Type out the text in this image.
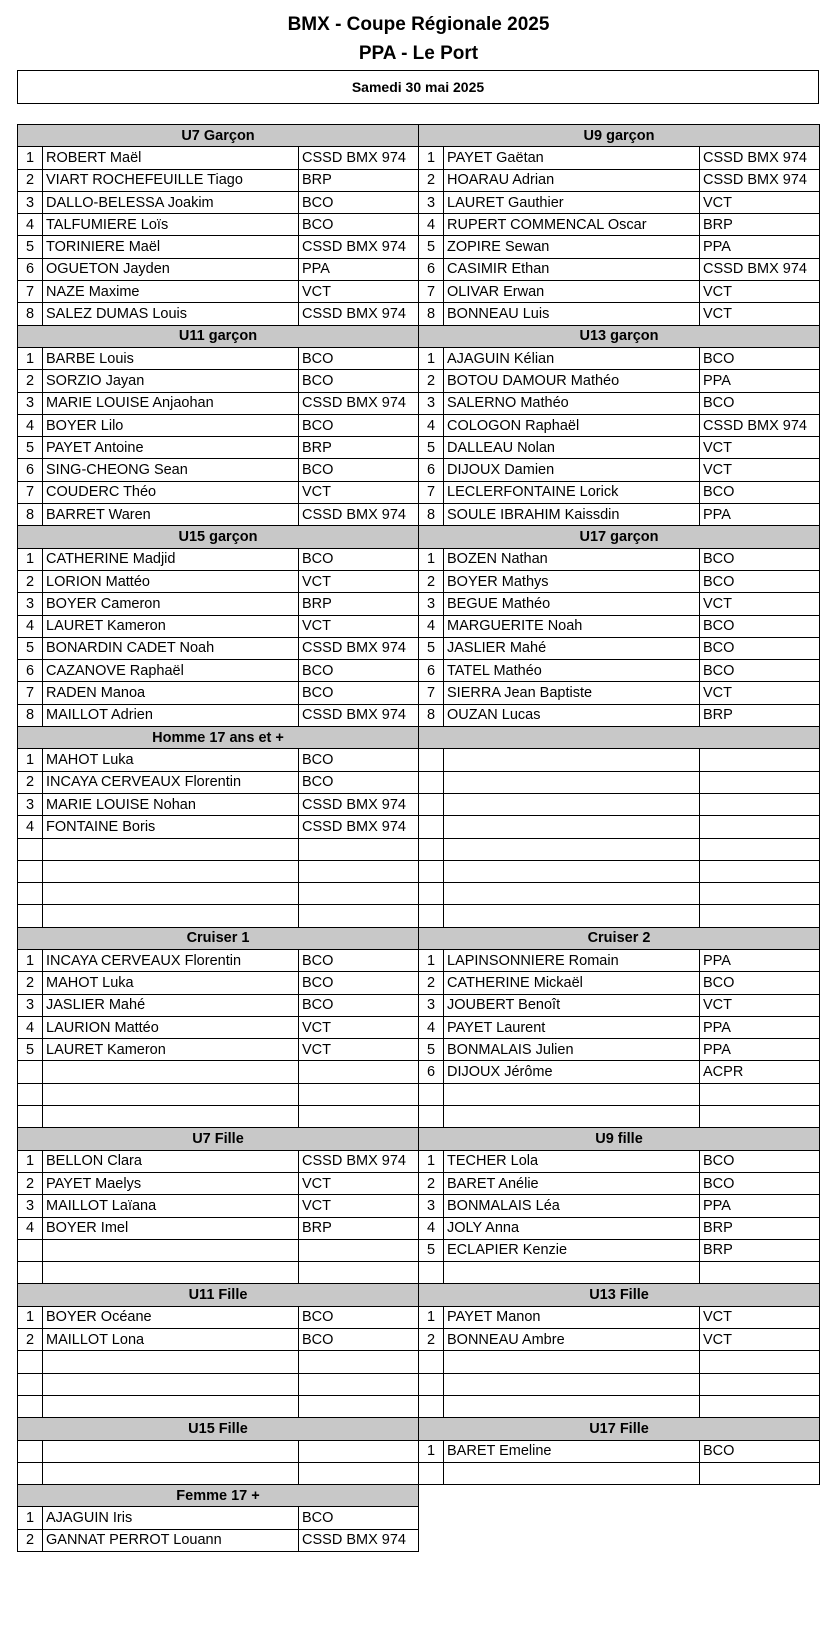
BMX - Coupe Régionale 2025
PPA - Le Port
Samedi 30 mai 2025
U7 Garçon			U9 garçon		
1	ROBERT Maël	CSSD BMX 974	1	PAYET Gaëtan	CSSD BMX 974
2	VIART ROCHEFEUILLE Tiago	BRP	2	HOARAU Adrian	CSSD BMX 974
3	DALLO-BELESSA Joakim	BCO	3	LAURET Gauthier	VCT
4	TALFUMIERE Loïs	BCO	4	RUPERT COMMENCAL Oscar	BRP
5	TORINIERE Maël	CSSD BMX 974	5	ZOPIRE Sewan	PPA
6	OGUETON Jayden	PPA	6	CASIMIR Ethan	CSSD BMX 974
7	NAZE Maxime	VCT	7	OLIVAR Erwan	VCT
8	SALEZ DUMAS Louis	CSSD BMX 974	8	BONNEAU Luis	VCT
U11 garçon			U13 garçon		
1	BARBE Louis	BCO	1	AJAGUIN Kélian	BCO
2	SORZIO Jayan	BCO	2	BOTOU DAMOUR Mathéo	PPA
3	MARIE LOUISE Anjaohan	CSSD BMX 974	3	SALERNO Mathéo	BCO
4	BOYER Lilo	BCO	4	COLOGON Raphaël	CSSD BMX 974
5	PAYET Antoine	BRP	5	DALLEAU Nolan	VCT
6	SING-CHEONG Sean	BCO	6	DIJOUX Damien	VCT
7	COUDERC Théo	VCT	7	LECLERFONTAINE Lorick	BCO
8	BARRET Waren	CSSD BMX 974	8	SOULE IBRAHIM Kaissdin	PPA
U15 garçon			U17 garçon		
1	CATHERINE Madjid	BCO	1	BOZEN Nathan	BCO
2	LORION Mattéo	VCT	2	BOYER Mathys	BCO
3	BOYER Cameron	BRP	3	BEGUE Mathéo	VCT
4	LAURET Kameron	VCT	4	MARGUERITE Noah	BCO
5	BONARDIN CADET Noah	CSSD BMX 974	5	JASLIER Mahé	BCO
6	CAZANOVE Raphaël	BCO	6	TATEL Mathéo	BCO
7	RADEN Manoa	BCO	7	SIERRA Jean Baptiste	VCT
8	MAILLOT Adrien	CSSD BMX 974	8	OUZAN Lucas	BRP
Homme 17 ans et +					
1	MAHOT Luka	BCO			
2	INCAYA CERVEAUX Florentin	BCO			
3	MARIE LOUISE Nohan	CSSD BMX 974			
4	FONTAINE Boris	CSSD BMX 974			

Cruiser 1			Cruiser 2		
1	INCAYA CERVEAUX Florentin	BCO	1	LAPINSONNIERE Romain	PPA
2	MAHOT Luka	BCO	2	CATHERINE Mickaël	BCO
3	JASLIER Mahé	BCO	3	JOUBERT Benoît	VCT
4	LAURION Mattéo	VCT	4	PAYET Laurent	PPA
5	LAURET Kameron	VCT	5	BONMALAIS Julien	PPA
			6	DIJOUX Jérôme	ACPR

U7 Fille			U9 fille		
1	BELLON Clara	CSSD BMX 974	1	TECHER Lola	BCO
2	PAYET Maelys	VCT	2	BARET Anélie	BCO
3	MAILLOT Laïana	VCT	3	BONMALAIS Léa	PPA
4	BOYER Imel	BRP	4	JOLY Anna	BRP
			5	ECLAPIER Kenzie	BRP

U11 Fille			U13 Fille		
1	BOYER Océane	BCO	1	PAYET Manon	VCT
2	MAILLOT Lona	BCO	2	BONNEAU Ambre	VCT

U15 Fille			U17 Fille		
			1	BARET Emeline	BCO

Femme 17 +					
1	AJAGUIN Iris	BCO			
2	GANNAT PERROT Louann	CSSD BMX 974			
